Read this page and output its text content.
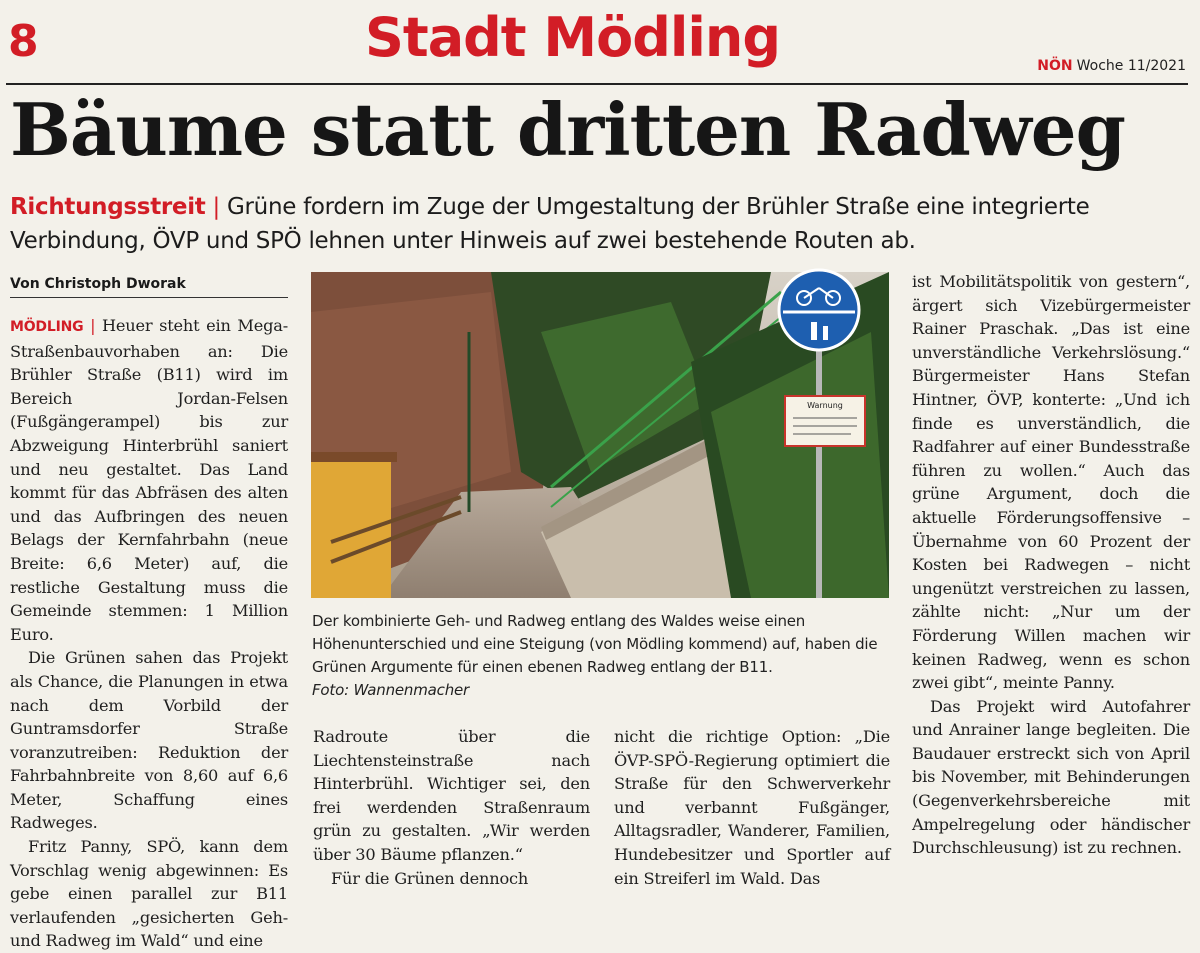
8	Stadt Mödling	NÖN Woche 11/2021
Bäume statt dritten Radweg
Richtungsstreit | Grüne fordern im Zuge der Umgestaltung der Brühler Straße eine integrierte Verbindung, ÖVP und SPÖ lehnen unter Hinweis auf zwei bestehende Routen ab.
Von Christoph Dworak

MÖDLING | Heuer steht ein Mega-Straßenbauvorhaben an: Die Brühler Straße (B11) wird im Bereich Jordan-Felsen (Fußgängerampel) bis zur Abzweigung Hinterbrühl saniert und neu gestaltet. Das Land kommt für das Abfräsen des alten und das Aufbringen des neuen Belags der Kernfahrbahn (neue Breite: 6,6 Meter) auf, die restliche Gestaltung muss die Gemeinde stemmen: 1 Million Euro.

Die Grünen sahen das Projekt als Chance, die Planungen in etwa nach dem Vorbild der Guntramsdorfer Straße voranzutreiben: Reduktion der Fahrbahnbreite von 8,60 auf 6,6 Meter, Schaffung eines Radweges.

Fritz Panny, SPÖ, kann dem Vorschlag wenig abgewinnen: Es gebe einen parallel zur B11 verlaufenden „gesicherten Geh- und Radweg im Wald“ und eine

Warnung
Der kombinierte Geh- und Radweg entlang des Waldes weise einen Höhenunterschied und eine Steigung (von Mödling kommend) auf, haben die Grünen Argumente für einen ebenen Radweg entlang der B11.
Foto: Wannenmacher

Radroute über die Liechtensteinstraße nach Hinterbrühl. Wichtiger sei, den frei werdenden Straßenraum grün zu gestalten. „Wir werden über 30 Bäume pflanzen.“

Für die Grünen dennoch

nicht die richtige Option: „Die ÖVP-SPÖ-Regierung optimiert die Straße für den Schwerverkehr und verbannt Fußgänger, Alltagsradler, Wanderer, Familien, Hundebesitzer und Sportler auf ein Streiferl im Wald. Das

ist Mobilitätspolitik von gestern“, ärgert sich Vizebürgermeister Rainer Praschak. „Das ist eine unverständliche Verkehrslösung.“ Bürgermeister Hans Stefan Hintner, ÖVP, konterte: „Und ich finde es unverständlich, die Radfahrer auf einer Bundesstraße führen zu wollen.“ Auch das grüne Argument, doch die aktuelle Förderungsoffensive – Übernahme von 60 Prozent der Kosten bei Radwegen – nicht ungenützt verstreichen zu lassen, zählte nicht: „Nur um der Förderung Willen machen wir keinen Radweg, wenn es schon zwei gibt“, meinte Panny.

Das Projekt wird Autofahrer und Anrainer lange begleiten. Die Baudauer erstreckt sich von April bis November, mit Behinderungen (Gegenverkehrsbereiche mit Ampelregelung oder händischer Durchschleusung) ist zu rechnen.
